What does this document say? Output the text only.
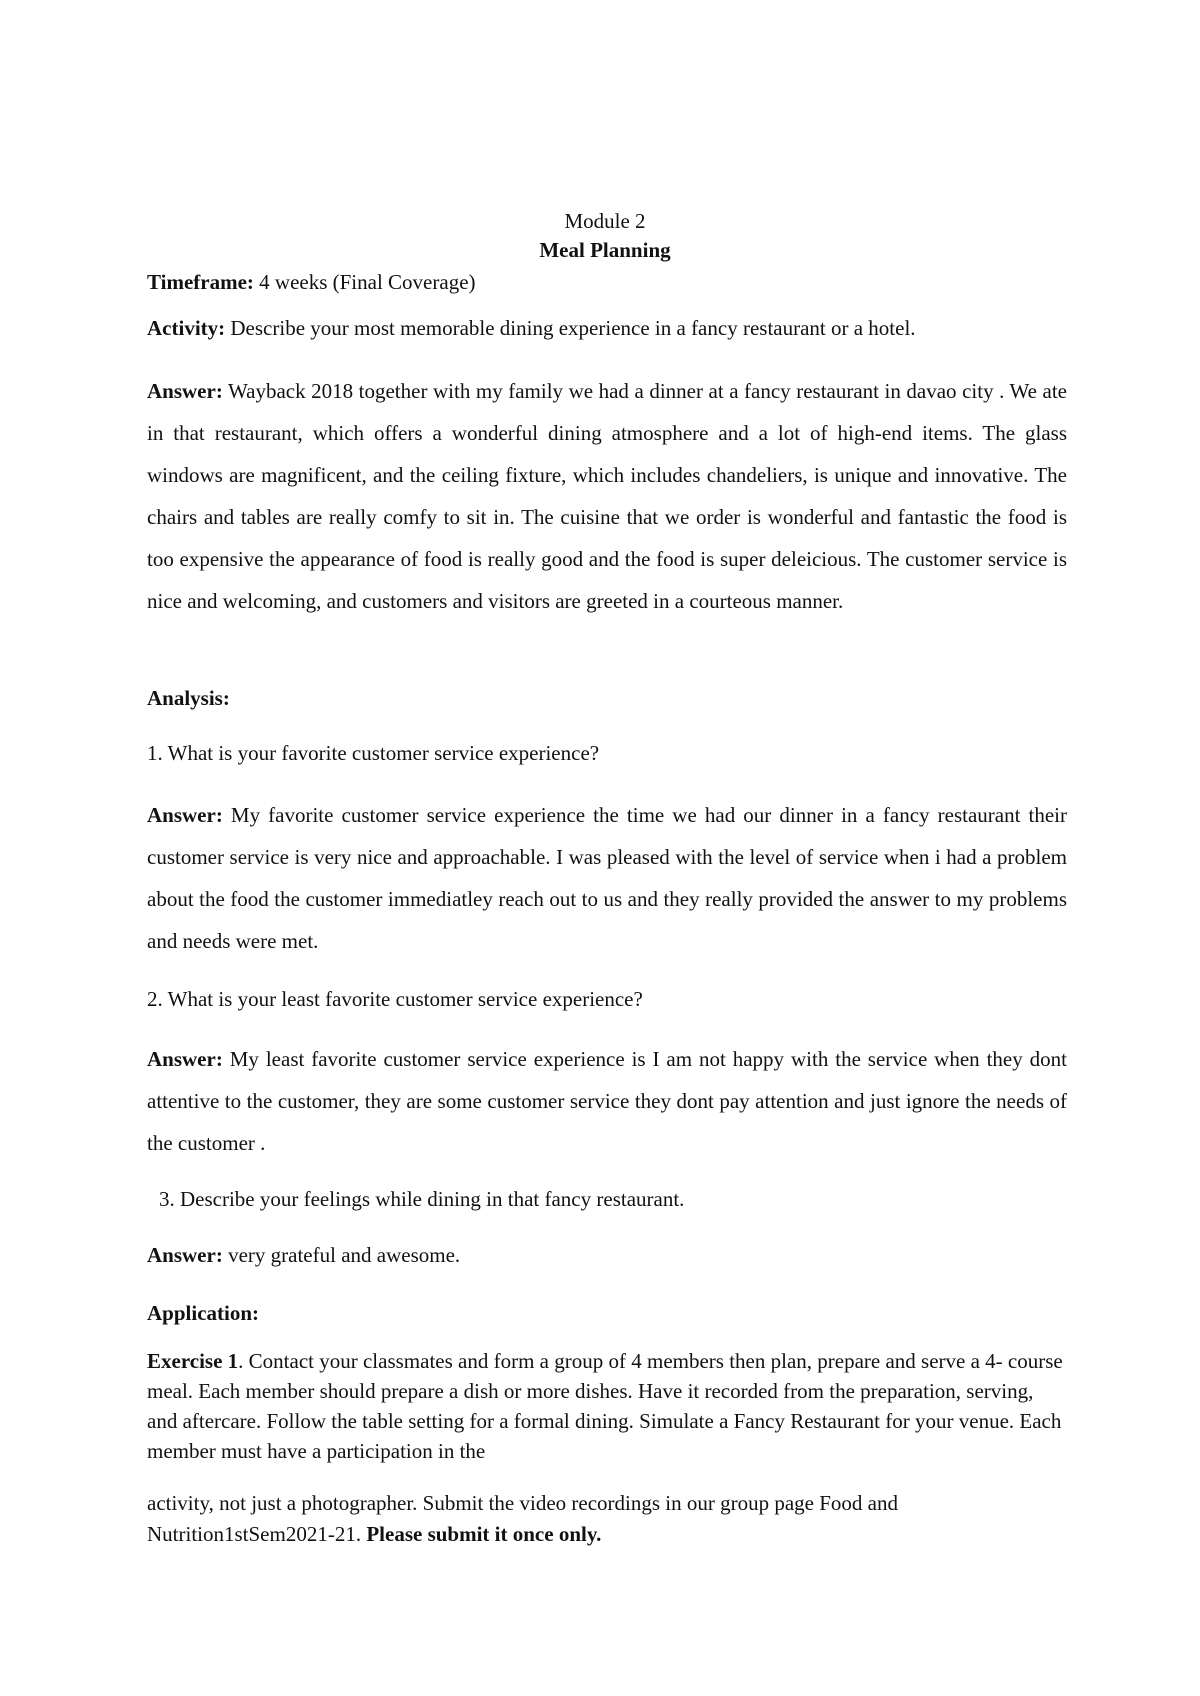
Module 2
Meal Planning
Timeframe: 4 weeks (Final Coverage)
Activity: Describe your most memorable dining experience in a fancy restaurant or a hotel.
Answer: Wayback 2018 together with my family we had a dinner at a fancy restaurant in davao city . We ate in that restaurant, which offers a wonderful dining atmosphere and a lot of high-end items. The glass windows are magnificent, and the ceiling fixture, which includes chandeliers, is unique and innovative. The chairs and tables are really comfy to sit in. The cuisine that we order is wonderful and fantastic the food is too expensive the appearance of food is really good and the food is super deleicious. The customer service is nice and welcoming, and customers and visitors are greeted in a courteous manner.
Analysis:
1. What is your favorite customer service experience?
Answer: My favorite customer service experience the time we had our dinner in a fancy restaurant their customer service is very nice and approachable. I was pleased with the level of service when i had a problem about the food the customer immediatley reach out to us and they really provided the answer to my problems and needs were met.
2. What is your least favorite customer service experience?
Answer: My least favorite customer service experience is I am not happy with the service when they dont attentive to the customer, they are some customer service they dont pay attention and just ignore the needs of the customer .
3. Describe your feelings while dining in that fancy restaurant.
Answer: very grateful and awesome.
Application:
Exercise 1. Contact your classmates and form a group of 4 members then plan, prepare and serve a 4- course meal. Each member should prepare a dish or more dishes. Have it recorded from the preparation, serving, and aftercare. Follow the table setting for a formal dining. Simulate a Fancy Restaurant for your venue. Each member must have a participation in the
activity, not just a photographer. Submit the video recordings in our group page Food and Nutrition1stSem2021-21. Please submit it once only.
